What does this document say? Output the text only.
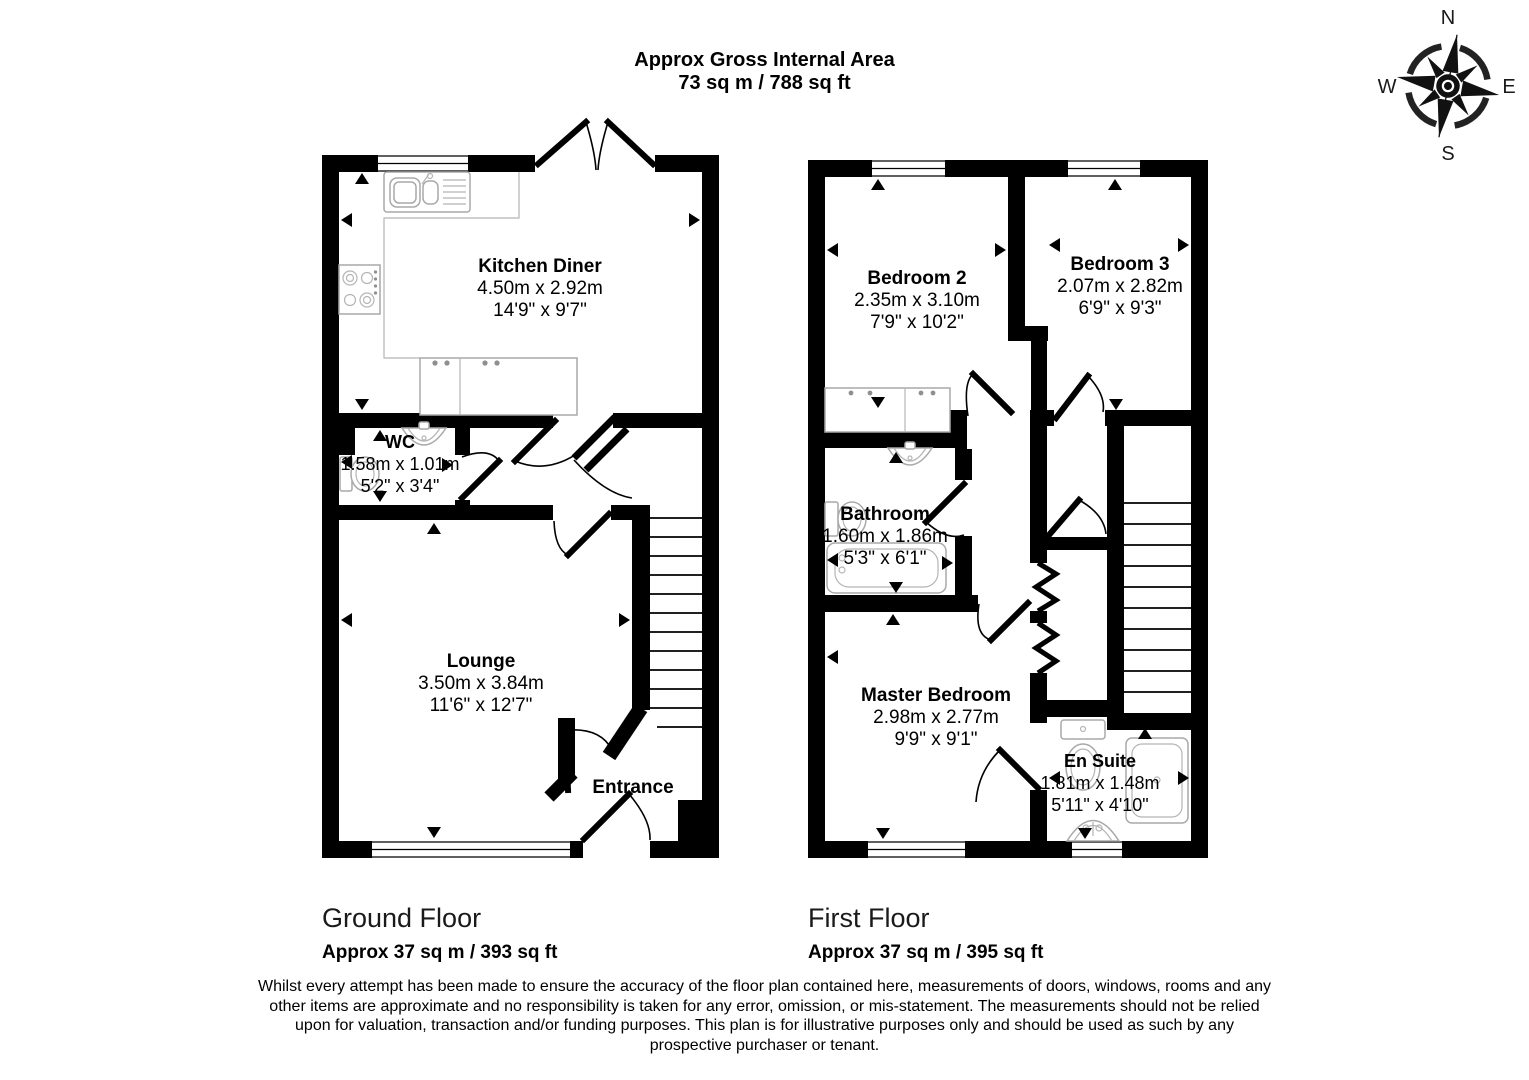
Approx Gross Internal Area
73 sq m / 788 sq ft
N
E
S
W
Kitchen Diner
4.50m x 2.92m
14'9" x 9'7"
WC
1.58m x 1.01m
5'2" x 3'4"
Lounge
3.50m x 3.84m
11'6" x 12'7"
Entrance
Bedroom 2
2.35m x 3.10m
7'9" x 10'2"
Bedroom 3
2.07m x 2.82m
6'9" x 9'3"
Bathroom
1.60m x 1.86m
5'3" x 6'1"
Master Bedroom
2.98m x 2.77m
9'9" x 9'1"
En Suite
1.81m x 1.48m
5'11" x 4'10"
Ground Floor
Approx 37 sq m / 393 sq ft
First Floor
Approx 37 sq m / 395 sq ft
Whilst every attempt has been made to ensure the accuracy of the floor plan contained here, measurements of doors, windows, rooms and any other items are approximate and no responsibility is taken for any error, omission, or mis-statement. The measurements should not be relied upon for valuation, transaction and/or funding purposes. This plan is for illustrative purposes only and should be used as such by any prospective purchaser or tenant.
